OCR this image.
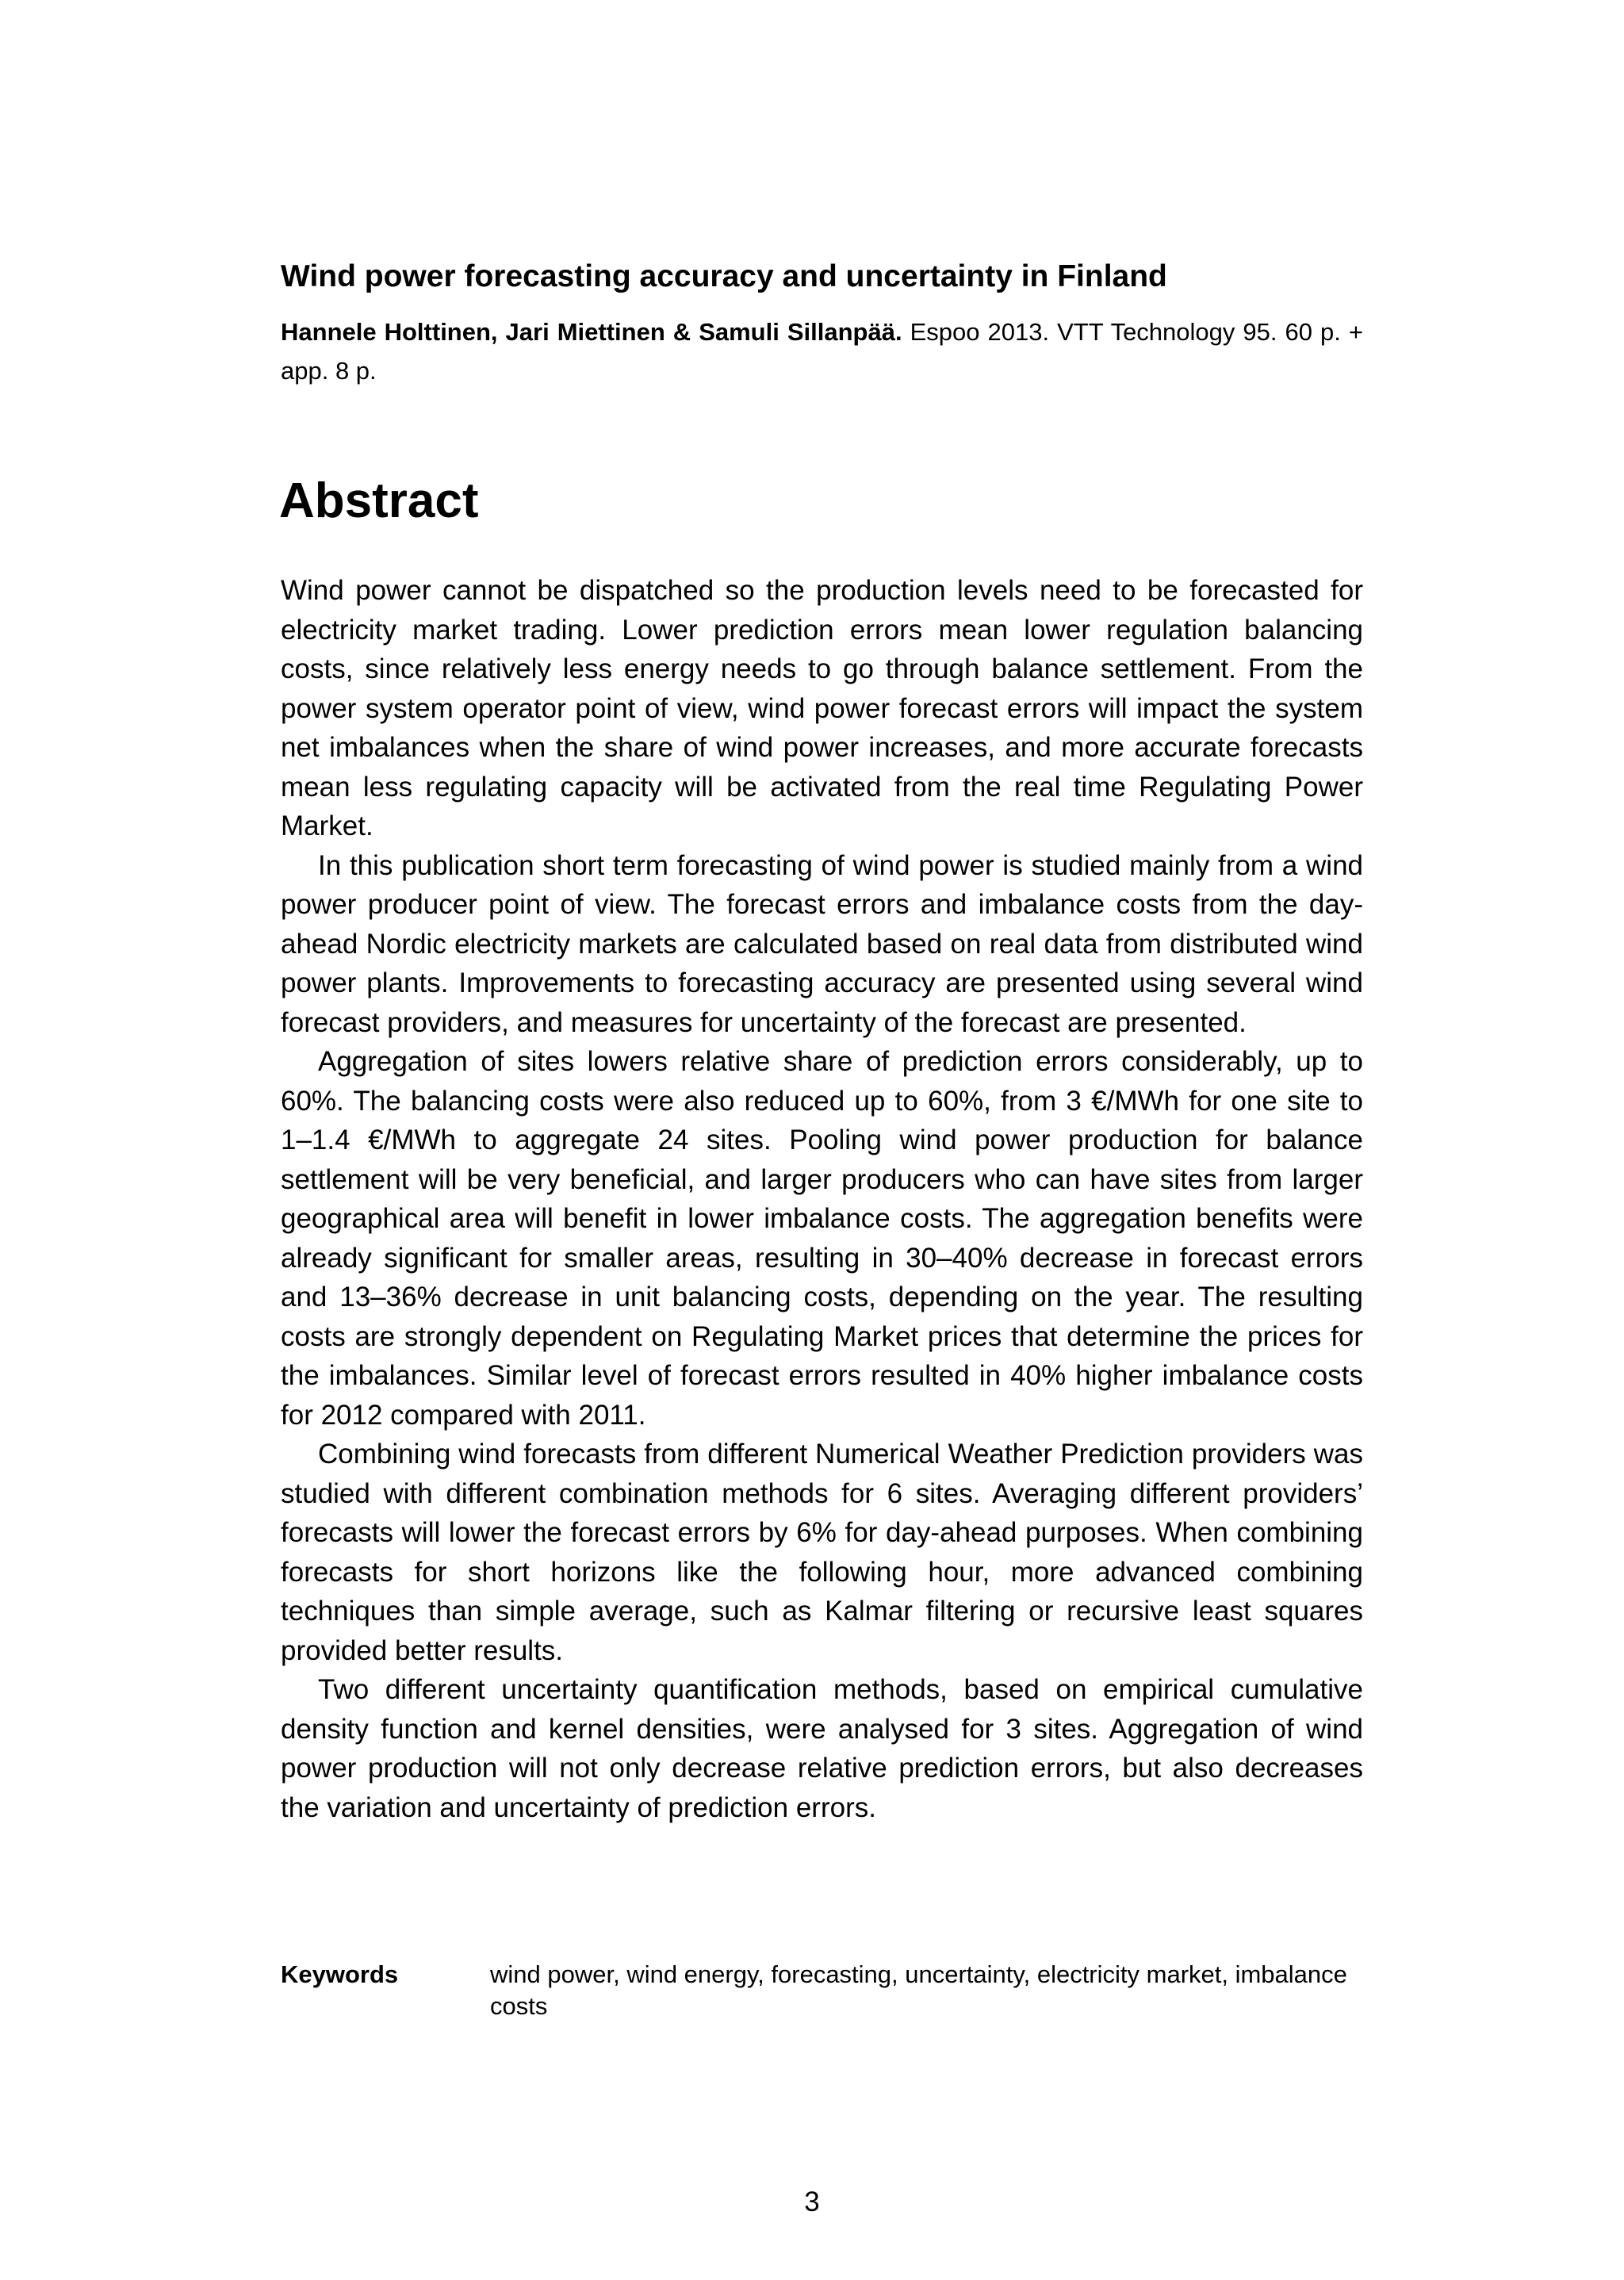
Wind power forecasting accuracy and uncertainty in Finland

Hannele Holttinen, Jari Miettinen & Samuli Sillanpää. Espoo 2013. VTT Technology 95. 60 p. + app. 8 p.

Abstract

Wind power cannot be dispatched so the production levels need to be forecasted for electricity market trading. Lower prediction errors mean lower regulation balancing costs, since relatively less energy needs to go through balance settlement. From the power system operator point of view, wind power forecast errors will impact the system net imbalances when the share of wind power increases, and more accurate forecasts mean less regulating capacity will be activated from the real time Regulating Power Market.

In this publication short term forecasting of wind power is studied mainly from a wind power producer point of view. The forecast errors and imbalance costs from the day-ahead Nordic electricity markets are calculated based on real data from distributed wind power plants. Improvements to forecasting accuracy are presented using several wind forecast providers, and measures for uncertainty of the forecast are presented.

Aggregation of sites lowers relative share of prediction errors considerably, up to 60%. The balancing costs were also reduced up to 60%, from 3 €/MWh for one site to 1–1.4 €/MWh to aggregate 24 sites. Pooling wind power production for balance settlement will be very beneficial, and larger producers who can have sites from larger geographical area will benefit in lower imbalance costs. The aggregation benefits were already significant for smaller areas, resulting in 30–40% decrease in forecast errors and 13–36% decrease in unit balancing costs, depending on the year. The resulting costs are strongly dependent on Regulating Market prices that determine the prices for the imbalances. Similar level of forecast errors resulted in 40% higher imbalance costs for 2012 compared with 2011.

Combining wind forecasts from different Numerical Weather Prediction providers was studied with different combination methods for 6 sites. Averaging different providers’ forecasts will lower the forecast errors by 6% for day-ahead purposes. When combining forecasts for short horizons like the following hour, more advanced combining techniques than simple average, such as Kalmar filtering or recursive least squares provided better results.

Two different uncertainty quantification methods, based on empirical cumulative density function and kernel densities, were analysed for 3 sites. Aggregation of wind power production will not only decrease relative prediction errors, but also decreases the variation and uncertainty of prediction errors.

Keywords	wind power, wind energy, forecasting, uncertainty, electricity market, imbalance costs
3
